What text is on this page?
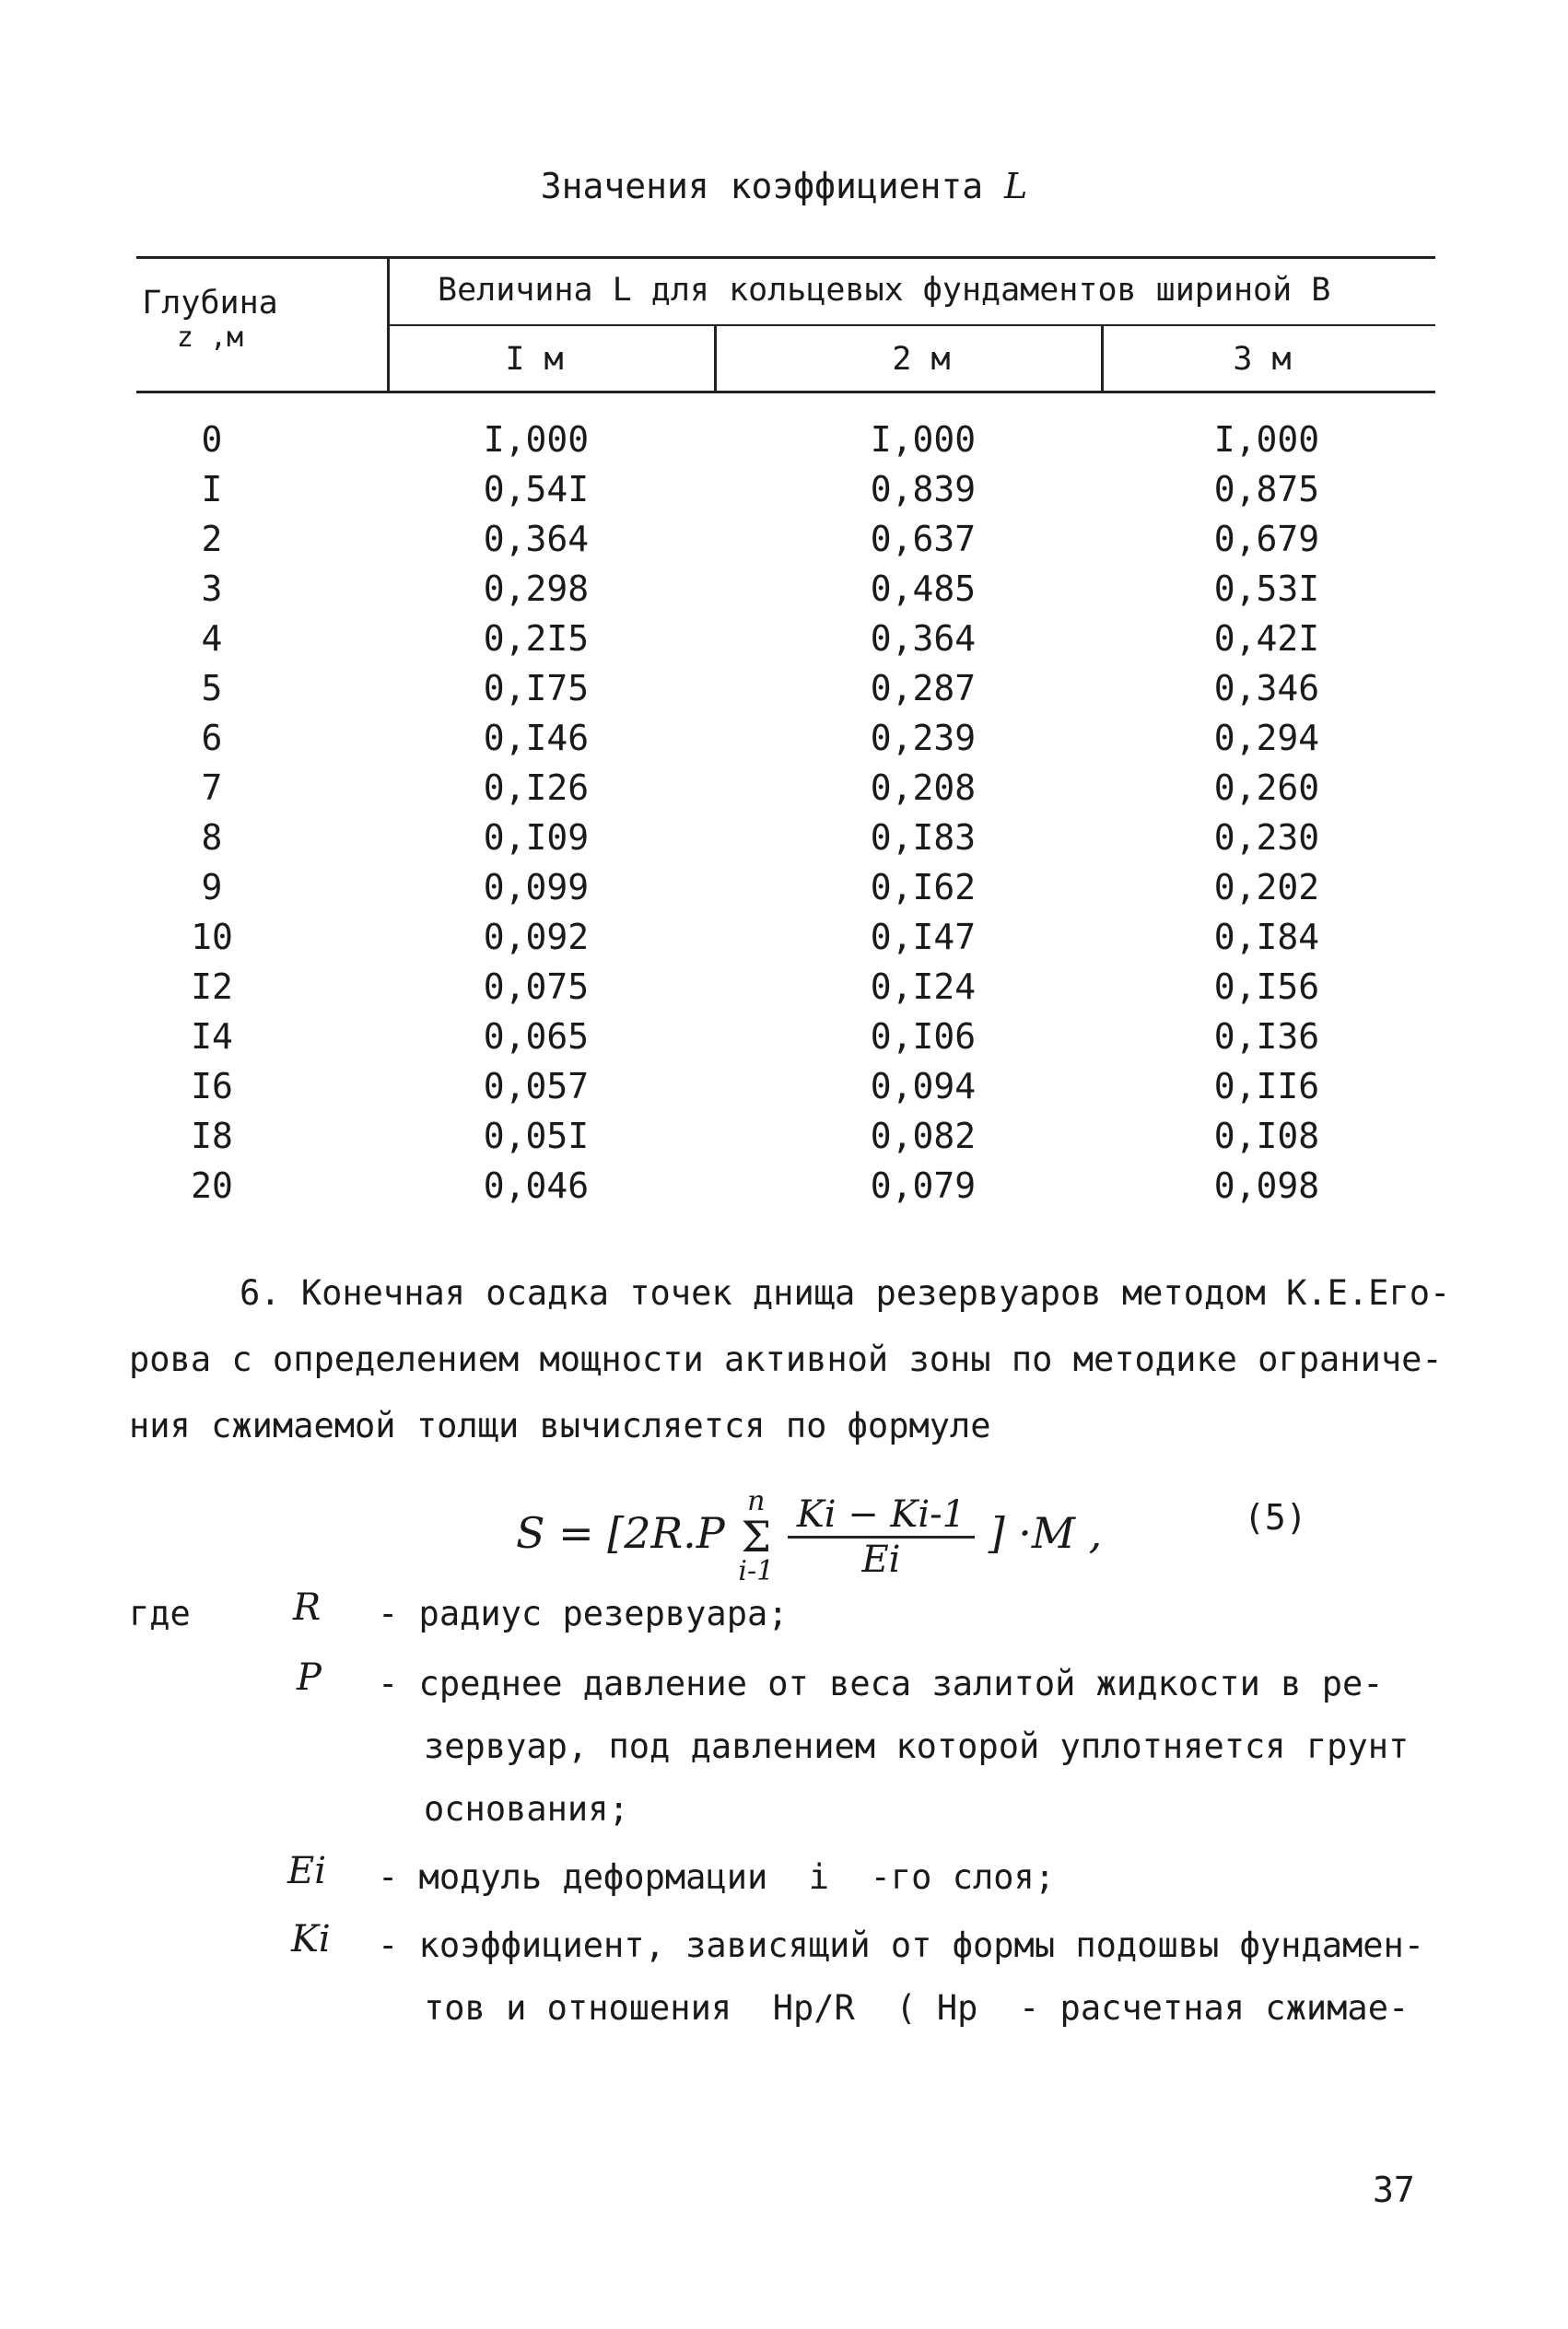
Значения коэффициента L
Глубина
z ,м
Величина L для кольцевых фундаментов шириной B
I м	2 м	3 м
0	I,000	I,000	I,000
I	0,54I	0,839	0,875
2	0,364	0,637	0,679
3	0,298	0,485	0,53I
4	0,2I5	0,364	0,42I
5	0,I75	0,287	0,346
6	0,I46	0,239	0,294
7	0,I26	0,208	0,260
8	0,I09	0,I83	0,230
9	0,099	0,I62	0,202
10	0,092	0,I47	0,I84
I2	0,075	0,I24	0,I56
I4	0,065	0,I06	0,I36
I6	0,057	0,094	0,II6
I8	0,05I	0,082	0,I08
20	0,046	0,079	0,098
6. Конечная осадка точек днища резервуаров методом К.Е.Его-
рова с определением мощности активной зоны по методике ограниче-
ния сжимаемой толщи вычисляется по формуле
S = [2R.P
n
Σ
i-1
$\frac{Ki - Ki-1}{Ei}$ ] ·M ,	(5)
где	R - радиус резервуара;
P - среднее давление от веса залитой жидкости в ре-
зервуар, под давлением которой уплотняется грунт
основания;
Ei - модуль деформации  i  -го слоя;
Ki - коэффициент, зависящий от формы подошвы фундамен-
тов и отношения  Hp/R  ( Hp  - расчетная сжимае-
37
